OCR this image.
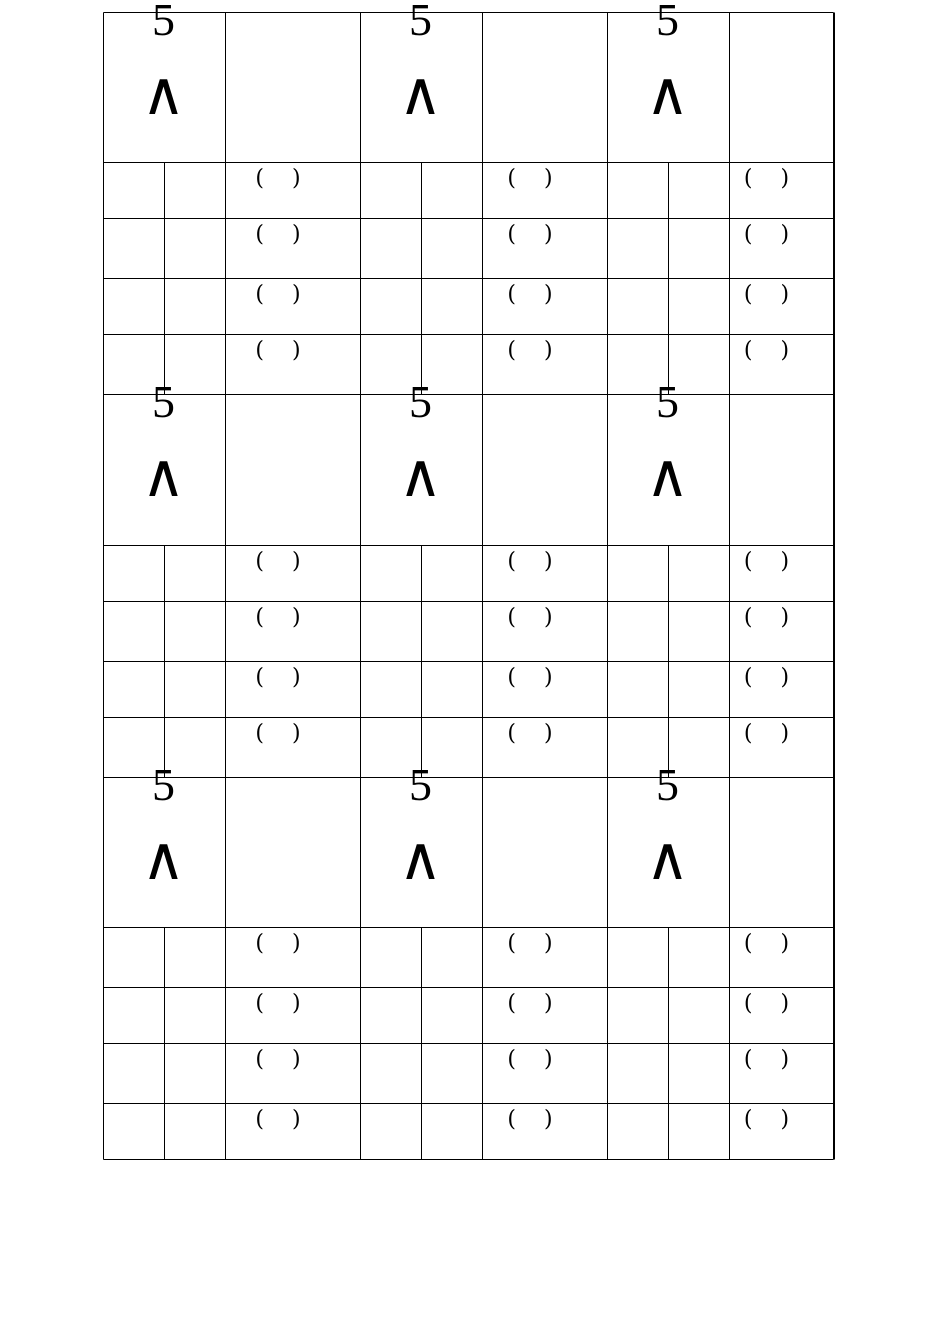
5
∧
(    )
(    )
(    )
(    )
5
∧
(    )
(    )
(    )
(    )
5
∧
(    )
(    )
(    )
(    )
5
∧
(    )
(    )
(    )
(    )
5
∧
(    )
(    )
(    )
(    )
5
∧
(    )
(    )
(    )
(    )
5
∧
(    )
(    )
(    )
(    )
5
∧
(    )
(    )
(    )
(    )
5
∧
(    )
(    )
(    )
(    )
